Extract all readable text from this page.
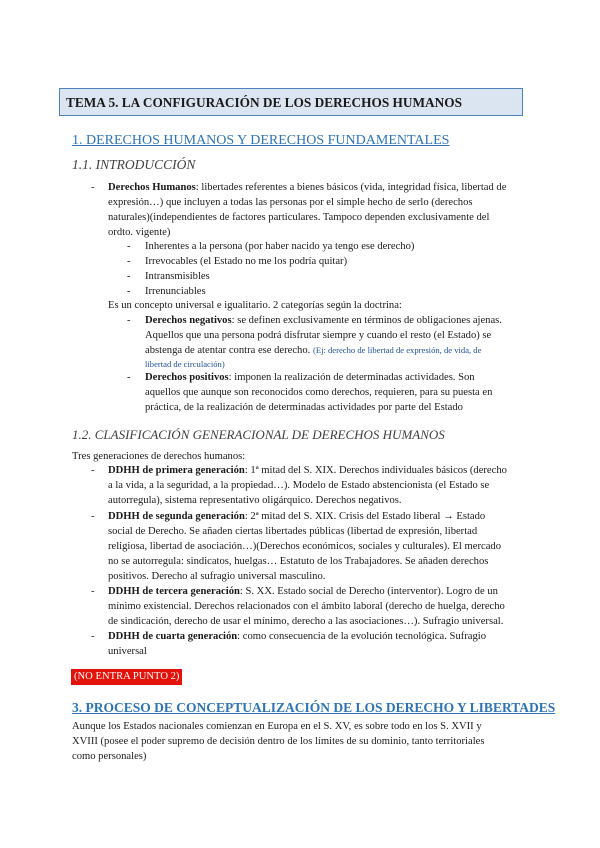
TEMA 5. LA CONFIGURACIÓN DE LOS DERECHOS HUMANOS
1. DERECHOS HUMANOS Y DERECHOS FUNDAMENTALES
1.1. INTRODUCCIÓN
- Derechos Humanos: libertades referentes a bienes básicos (vida, integridad física, libertad de
expresión…) que incluyen a todas las personas por el simple hecho de serlo (derechos
naturales)(independientes de factores particulares. Tampoco dependen exclusivamente del
ordto. vigente)
- Inherentes a la persona (por haber nacido ya tengo ese derecho)
- Irrevocables (el Estado no me los podría quitar)
- Intransmisibles
- Irrenunciables
Es un concepto universal e igualitario. 2 categorías según la doctrina:
- Derechos negativos: se definen exclusivamente en términos de obligaciones ajenas.
Aquellos que una persona podrá disfrutar siempre y cuando el resto (el Estado) se
abstenga de atentar contra ese derecho. (Ej: derecho de libertad de expresión, de vida, de
libertad de circulación)
- Derechos positivos: imponen la realización de determinadas actividades. Son
aquellos que aunque son reconocidos como derechos, requieren, para su puesta en
práctica, de la realización de determinadas actividades por parte del Estado
1.2. CLASIFICACIÓN GENERACIONAL DE DERECHOS HUMANOS
Tres generaciones de derechos humanos:
- DDHH de primera generación: 1ª mitad del S. XIX. Derechos individuales básicos (derecho
a la vida, a la seguridad, a la propiedad…). Modelo de Estado abstencionista (el Estado se
autorregula), sistema representativo oligárquico. Derechos negativos.
- DDHH de segunda generación: 2ª mitad del S. XIX. Crisis del Estado liberal → Estado
social de Derecho. Se añaden ciertas libertades públicas (libertad de expresión, libertad
religiosa, libertad de asociación…)(Derechos económicos, sociales y culturales). El mercado
no se autorregula: sindicatos, huelgas… Estatuto de los Trabajadores. Se añaden derechos
positivos. Derecho al sufragio universal masculino.
- DDHH de tercera generación: S. XX. Estado social de Derecho (interventor). Logro de un
mínimo existencial. Derechos relacionados con el ámbito laboral (derecho de huelga, derecho
de sindicación, derecho de usar el mínimo, derecho a las asociaciones…). Sufragio universal.
- DDHH de cuarta generación: como consecuencia de la evolución tecnológica. Sufragio
universal
(NO ENTRA PUNTO 2)
3. PROCESO DE CONCEPTUALIZACIÓN DE LOS DERECHO Y LIBERTADES
Aunque los Estados nacionales comienzan en Europa en el S. XV, es sobre todo en los S. XVII y
XVIII (posee el poder supremo de decisión dentro de los límites de su dominio, tanto territoriales
como personales)
